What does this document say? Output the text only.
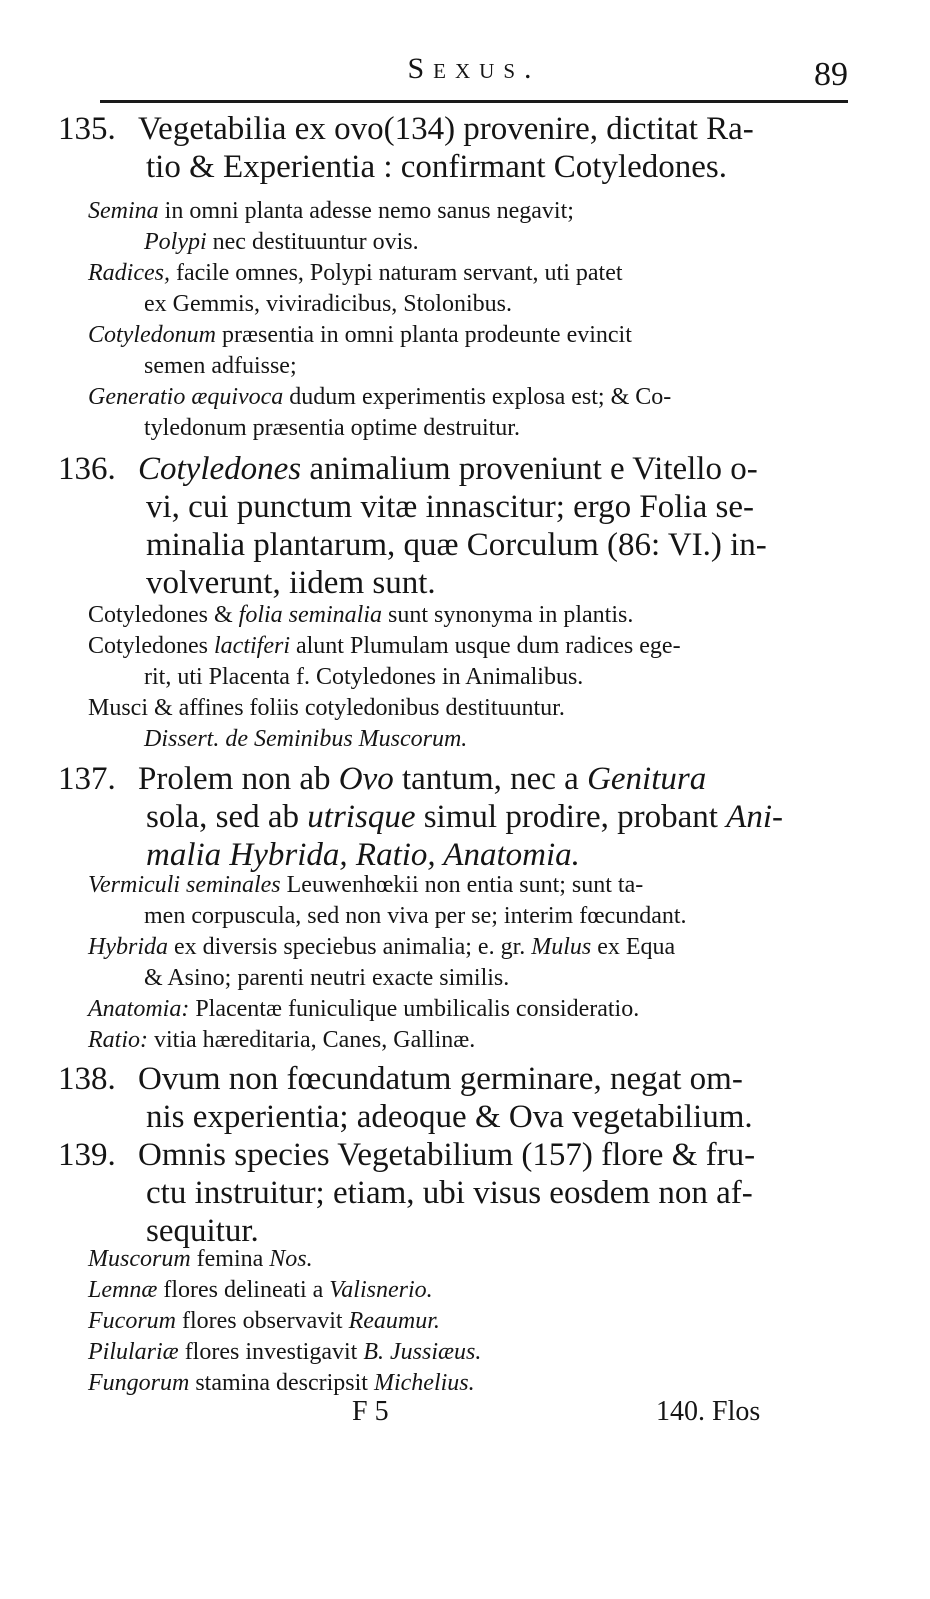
Sexus.	89
135. Vegetabilia ex ovo(134) provenire, dictitat Ra-
tio & Experientia : confirmant Cotyledones.
Semina in omni planta adesse nemo sanus negavit;
Polypi nec destituuntur ovis.
Radices, facile omnes, Polypi naturam servant, uti patet
ex Gemmis, viviradicibus, Stolonibus.
Cotyledonum præsentia in omni planta prodeunte evincit
semen adfuisse;
Generatio æquivoca dudum experimentis explosa est; & Co-
tyledonum præsentia optime destruitur.
136. Cotyledones animalium proveniunt e Vitello o-
vi, cui punctum vitæ innascitur; ergo Folia se-
minalia plantarum, quæ Corculum (86: VI.) in-
volverunt, iidem sunt.
Cotyledones & folia seminalia sunt synonyma in plantis.
Cotyledones lactiferi alunt Plumulam usque dum radices ege-
rit, uti Placenta f. Cotyledones in Animalibus.
Musci & affines foliis cotyledonibus destituuntur.
Dissert. de Seminibus Muscorum.
137. Prolem non ab Ovo tantum, nec a Genitura
sola, sed ab utrisque simul prodire, probant Ani-
malia Hybrida, Ratio, Anatomia.
Vermiculi seminales Leuwenhœkii non entia sunt; sunt ta-
men corpuscula, sed non viva per se; interim fœcundant.
Hybrida ex diversis speciebus animalia; e. gr. Mulus ex Equa
& Asino; parenti neutri exacte similis.
Anatomia: Placentæ funiculique umbilicalis consideratio.
Ratio: vitia hæreditaria, Canes, Gallinæ.
138. Ovum non fœcundatum germinare, negat om-
nis experientia; adeoque & Ova vegetabilium.
139. Omnis species Vegetabilium (157) flore & fru-
ctu instruitur; etiam, ubi visus eosdem non af-
sequitur.
Muscorum femina Nos.
Lemnæ flores delineati a Valisnerio.
Fucorum flores observavit Reaumur.
Pilulariæ flores investigavit B. Jussiæus.
Fungorum stamina descripsit Michelius.
F 5	140. Flos
